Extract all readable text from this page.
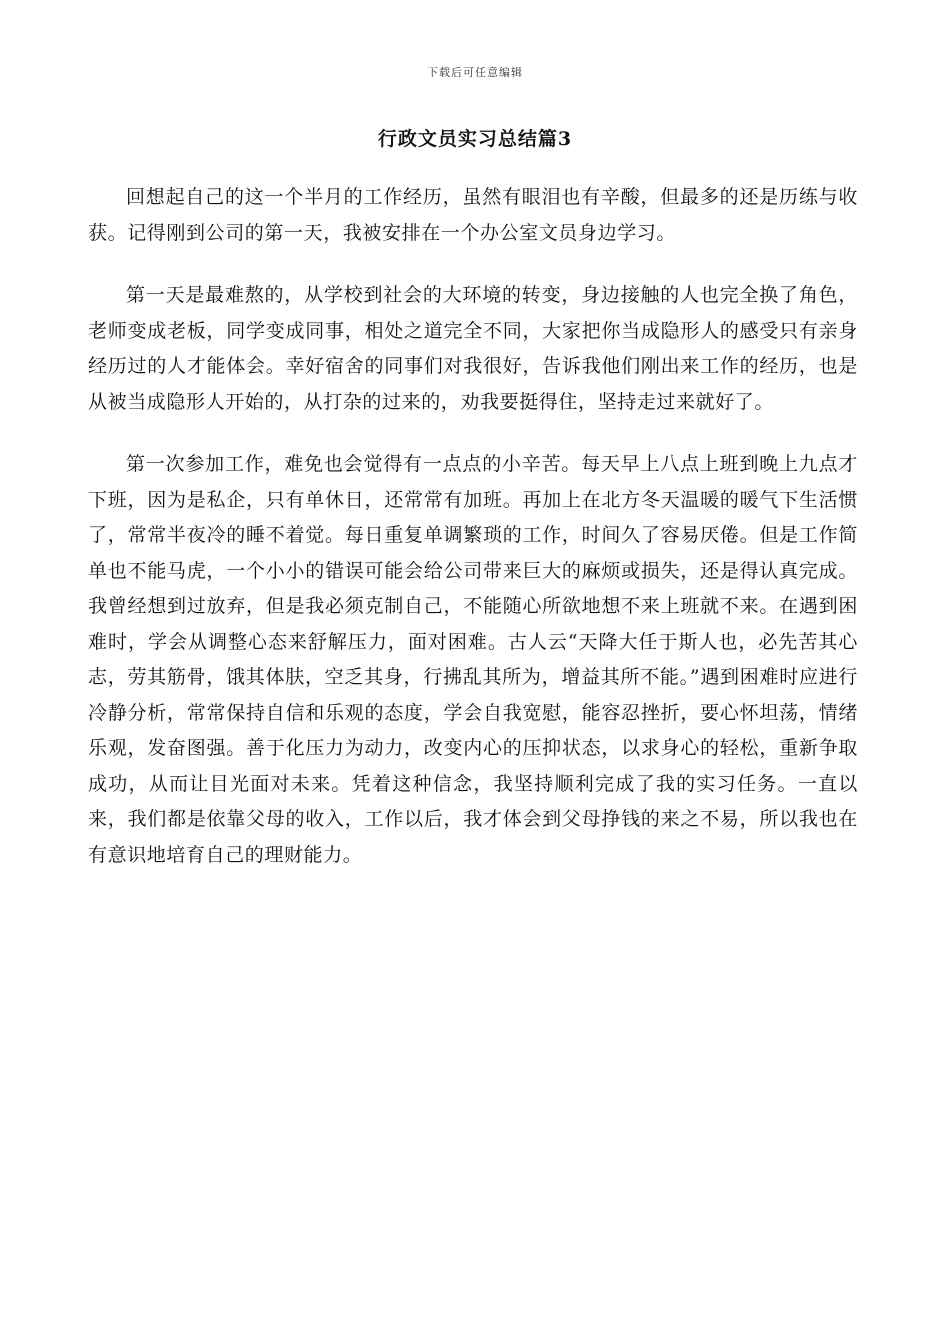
下载后可任意编辑
行政文员实习总结篇3

回想起自己的这一个半月的工作经历，虽然有眼泪也有辛酸，但最多的还是历练与收获。记得刚到公司的第一天，我被安排在一个办公室文员身边学习。

第一天是最难熬的，从学校到社会的大环境的转变，身边接触的人也完全换了角色，老师变成老板，同学变成同事，相处之道完全不同，大家把你当成隐形人的感受只有亲身经历过的人才能体会。幸好宿舍的同事们对我很好，告诉我他们刚出来工作的经历，也是从被当成隐形人开始的，从打杂的过来的，劝我要挺得住，坚持走过来就好了。

第一次参加工作，难免也会觉得有一点点的小辛苦。每天早上八点上班到晚上九点才下班，因为是私企，只有单休日，还常常有加班。再加上在北方冬天温暖的暖气下生活惯了，常常半夜冷的睡不着觉。每日重复单调繁琐的工作，时间久了容易厌倦。但是工作简单也不能马虎，一个小小的错误可能会给公司带来巨大的麻烦或损失，还是得认真完成。我曾经想到过放弃，但是我必须克制自己，不能随心所欲地想不来上班就不来。在遇到困难时，学会从调整心态来舒解压力，面对困难。古人云“天降大任于斯人也，必先苦其心志，劳其筋骨，饿其体肤，空乏其身，行拂乱其所为，增益其所不能。”遇到困难时应进行冷静分析，常常保持自信和乐观的态度，学会自我宽慰，能容忍挫折，要心怀坦荡，情绪乐观，发奋图强。善于化压力为动力，改变内心的压抑状态，以求身心的轻松，重新争取成功，从而让目光面对未来。凭着这种信念，我坚持顺利完成了我的实习任务。一直以来，我们都是依靠父母的收入，工作以后，我才体会到父母挣钱的来之不易，所以我也在有意识地培育自己的理财能力。
